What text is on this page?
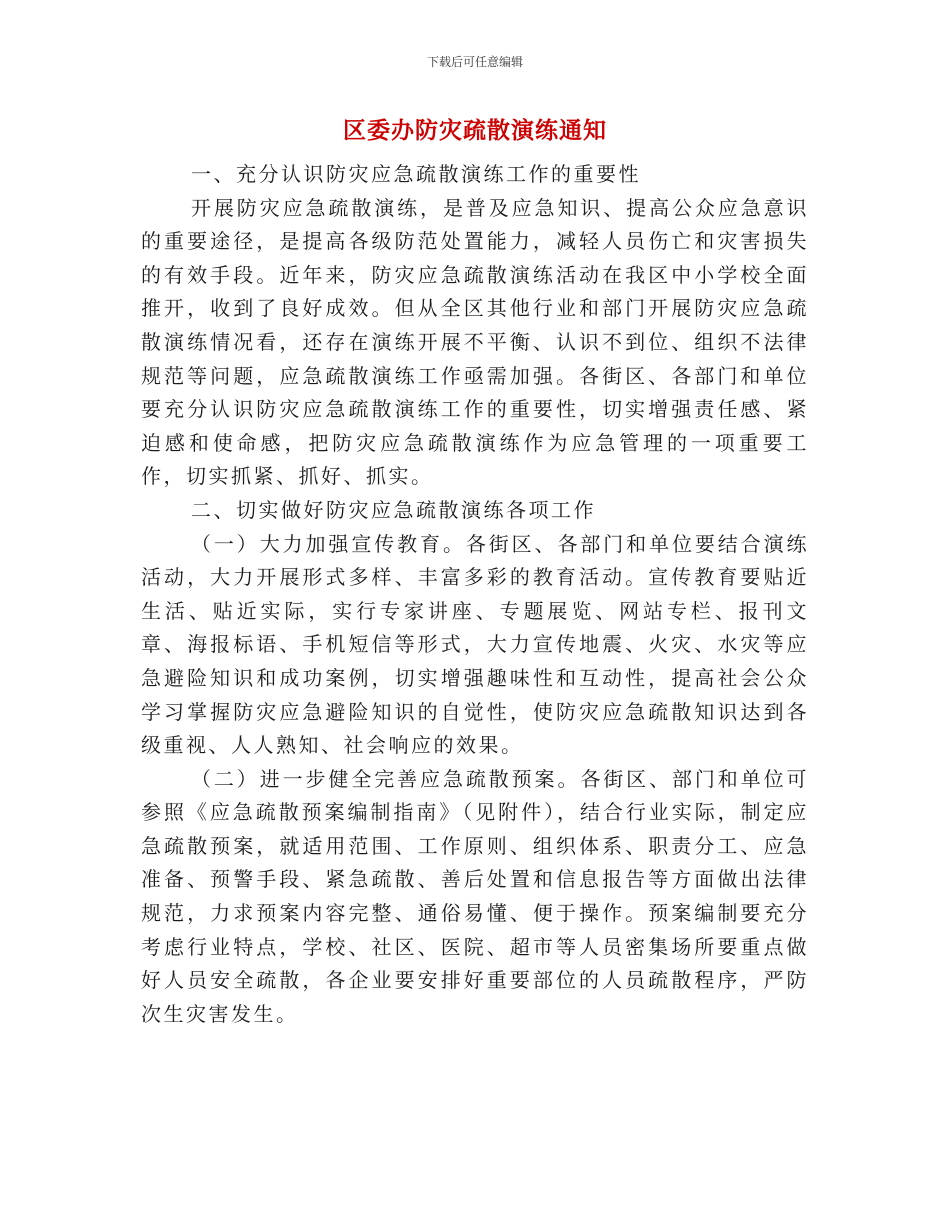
下载后可任意编辑
区委办防灾疏散演练通知

一、充分认识防灾应急疏散演练工作的重要性

开展防灾应急疏散演练，是普及应急知识、提高公众应急意识的重要途径，是提高各级防范处置能力，减轻人员伤亡和灾害损失的有效手段。近年来，防灾应急疏散演练活动在我区中小学校全面推开，收到了良好成效。但从全区其他行业和部门开展防灾应急疏散演练情况看，还存在演练开展不平衡、认识不到位、组织不法律规范等问题，应急疏散演练工作亟需加强。各街区、各部门和单位要充分认识防灾应急疏散演练工作的重要性，切实增强责任感、紧迫感和使命感，把防灾应急疏散演练作为应急管理的一项重要工作，切实抓紧、抓好、抓实。

二、切实做好防灾应急疏散演练各项工作

（一）大力加强宣传教育。各街区、各部门和单位要结合演练活动，大力开展形式多样、丰富多彩的教育活动。宣传教育要贴近生活、贴近实际，实行专家讲座、专题展览、网站专栏、报刊文章、海报标语、手机短信等形式，大力宣传地震、火灾、水灾等应急避险知识和成功案例，切实增强趣味性和互动性，提高社会公众学习掌握防灾应急避险知识的自觉性，使防灾应急疏散知识达到各级重视、人人熟知、社会响应的效果。

（二）进一步健全完善应急疏散预案。各街区、部门和单位可参照《应急疏散预案编制指南》（见附件），结合行业实际，制定应急疏散预案，就适用范围、工作原则、组织体系、职责分工、应急准备、预警手段、紧急疏散、善后处置和信息报告等方面做出法律规范，力求预案内容完整、通俗易懂、便于操作。预案编制要充分考虑行业特点，学校、社区、医院、超市等人员密集场所要重点做好人员安全疏散，各企业要安排好重要部位的人员疏散程序，严防次生灾害发生。
